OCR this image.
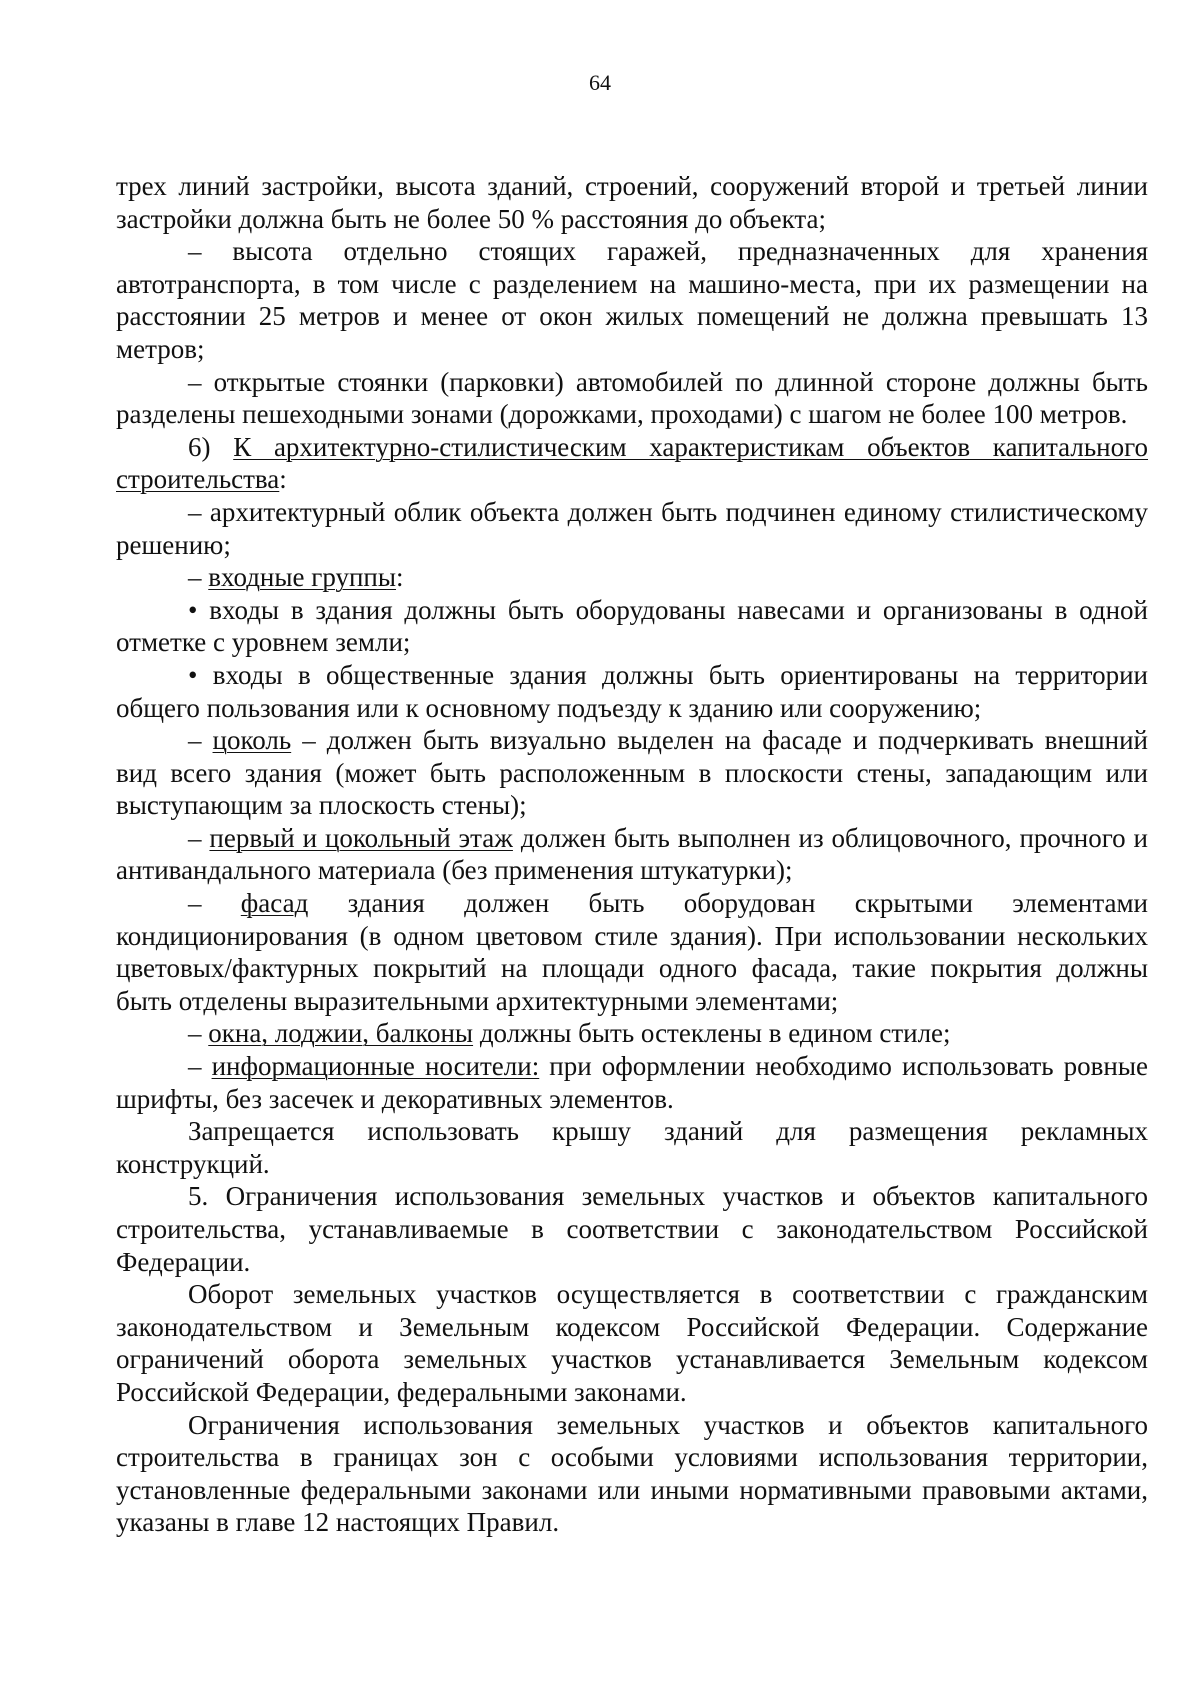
64

трех линий застройки, высота зданий, строений, сооружений второй и третьей линии застройки должна быть не более 50 % расстояния до объекта;

– высота отдельно стоящих гаражей, предназначенных для хранения автотранспорта, в том числе с разделением на машино-места, при их размещении на расстоянии 25 метров и менее от окон жилых помещений не должна превышать 13 метров;

– открытые стоянки (парковки) автомобилей по длинной стороне должны быть разделены пешеходными зонами (дорожками, проходами) с шагом не более 100 метров.

6) К архитектурно-стилистическим характеристикам объектов капитального строительства:

– архитектурный облик объекта должен быть подчинен единому стилистическому решению;

– входные группы:

• входы в здания должны быть оборудованы навесами и организованы в одной отметке с уровнем земли;

• входы в общественные здания должны быть ориентированы на территории общего пользования или к основному подъезду к зданию или сооружению;

– цоколь – должен быть визуально выделен на фасаде и подчеркивать внешний вид всего здания (может быть расположенным в плоскости стены, западающим или выступающим за плоскость стены);

– первый и цокольный этаж должен быть выполнен из облицовочного, прочного и антивандального материала (без применения штукатурки);

– фасад здания должен быть оборудован скрытыми элементами кондиционирования (в одном цветовом стиле здания). При использовании нескольких цветовых/фактурных покрытий на площади одного фасада, такие покрытия должны быть отделены выразительными архитектурными элементами;

– окна, лоджии, балконы должны быть остеклены в едином стиле;

– информационные носители: при оформлении необходимо использовать ровные шрифты, без засечек и декоративных элементов.

Запрещается использовать крышу зданий для размещения рекламных конструкций.

5. Ограничения использования земельных участков и объектов капитального строительства, устанавливаемые в соответствии с законодательством Российской Федерации.

Оборот земельных участков осуществляется в соответствии с гражданским законодательством и Земельным кодексом Российской Федерации. Содержание ограничений оборота земельных участков устанавливается Земельным кодексом Российской Федерации, федеральными законами.

Ограничения использования земельных участков и объектов капитального строительства в границах зон с особыми условиями использования территории, установленные федеральными законами или иными нормативными правовыми актами, указаны в главе 12 настоящих Правил.
